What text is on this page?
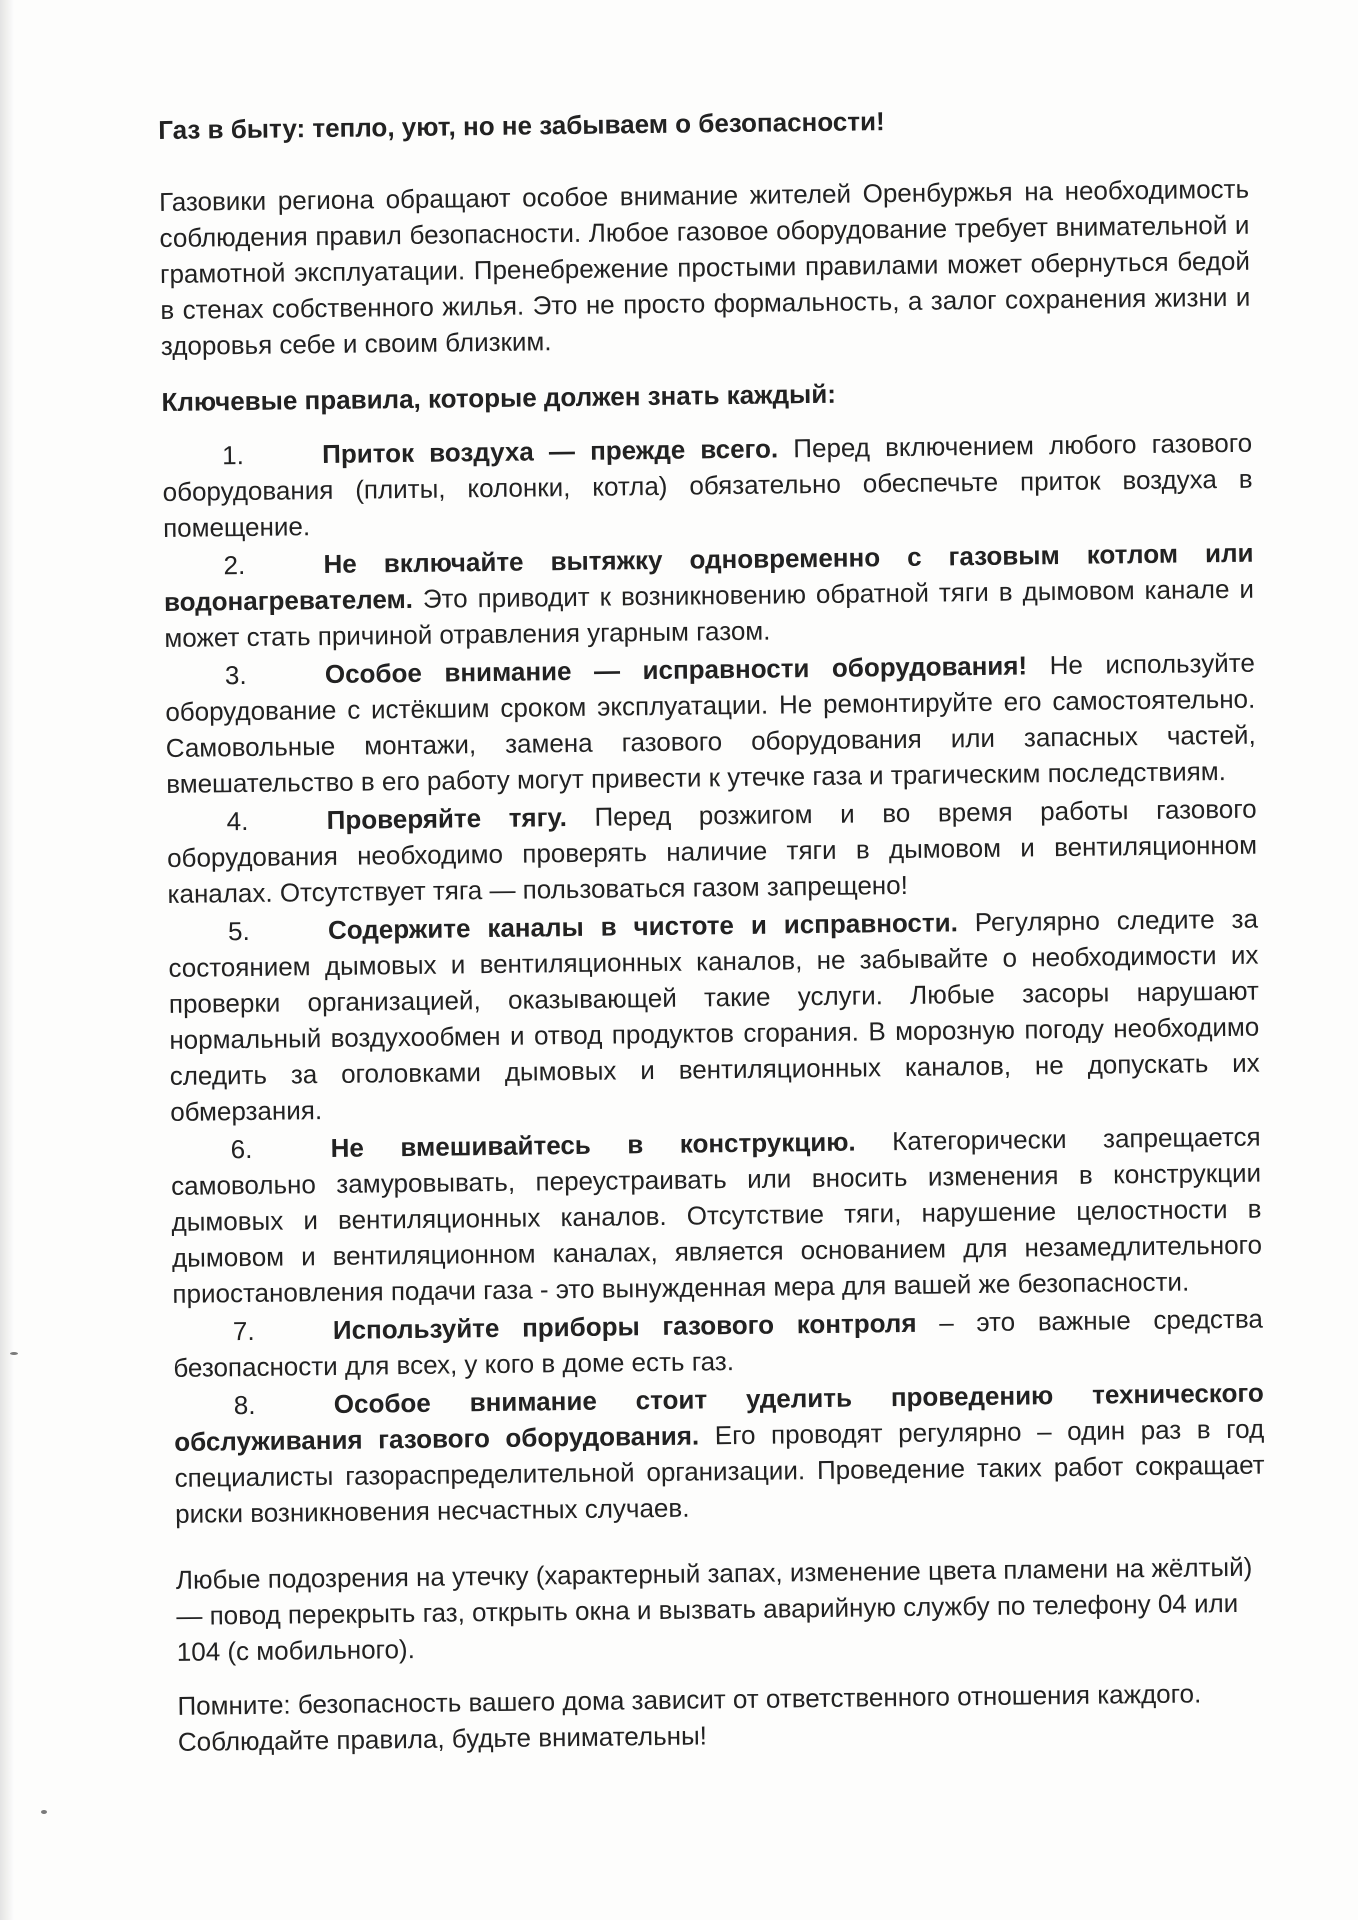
Газ в быту: тепло, уют, но не забываем о безопасности!
Газовики региона обращают особое внимание жителей Оренбуржья на необходимость соблюдения правил безопасности. Любое газовое оборудование требует внимательной и грамотной эксплуатации. Пренебрежение простыми правилами может обернуться бедой в стенах собственного жилья. Это не просто формальность, а залог сохранения жизни и здоровья себе и своим близким.
Ключевые правила, которые должен знать каждый:
1.	Приток воздуха — прежде всего. Перед включением любого газового оборудования (плиты, колонки, котла) обязательно обеспечьте приток воздуха в помещение.
2.	Не включайте вытяжку одновременно с газовым котлом или водонагревателем. Это приводит к возникновению обратной тяги в дымовом канале и может стать причиной отравления угарным газом.
3.	Особое внимание — исправности оборудования! Не используйте оборудование с истёкшим сроком эксплуатации. Не ремонтируйте его самостоятельно. Самовольные монтажи, замена газового оборудования или запасных частей, вмешательство в его работу могут привести к утечке газа и трагическим последствиям.
4.	Проверяйте тягу. Перед розжигом и во время работы газового оборудования необходимо проверять наличие тяги в дымовом и вентиляционном каналах. Отсутствует тяга — пользоваться газом запрещено!
5.	Содержите каналы в чистоте и исправности. Регулярно следите за состоянием дымовых и вентиляционных каналов, не забывайте о необходимости их проверки организацией, оказывающей такие услуги. Любые засоры нарушают нормальный воздухообмен и отвод продуктов сгорания. В морозную погоду необходимо следить за оголовками дымовых и вентиляционных каналов, не допускать их обмерзания.
6.	Не вмешивайтесь в конструкцию. Категорически запрещается самовольно замуровывать, переустраивать или вносить изменения в конструкции дымовых и вентиляционных каналов. Отсутствие тяги, нарушение целостности в дымовом и вентиляционном каналах, является основанием для незамедлительного приостановления подачи газа - это вынужденная мера для вашей же безопасности.
7.	Используйте приборы газового контроля – это важные средства безопасности для всех, у кого в доме есть газ.
8.	Особое внимание стоит уделить проведению технического обслуживания газового оборудования. Его проводят регулярно – один раз в год специалисты газораспределительной организации. Проведение таких работ сокращает риски возникновения несчастных случаев.
Любые подозрения на утечку (характерный запах, изменение цвета пламени на жёлтый) — повод перекрыть газ, открыть окна и вызвать аварийную службу по телефону 04 или 104 (с мобильного).
Помните: безопасность вашего дома зависит от ответственного отношения каждого. Соблюдайте правила, будьте внимательны!
